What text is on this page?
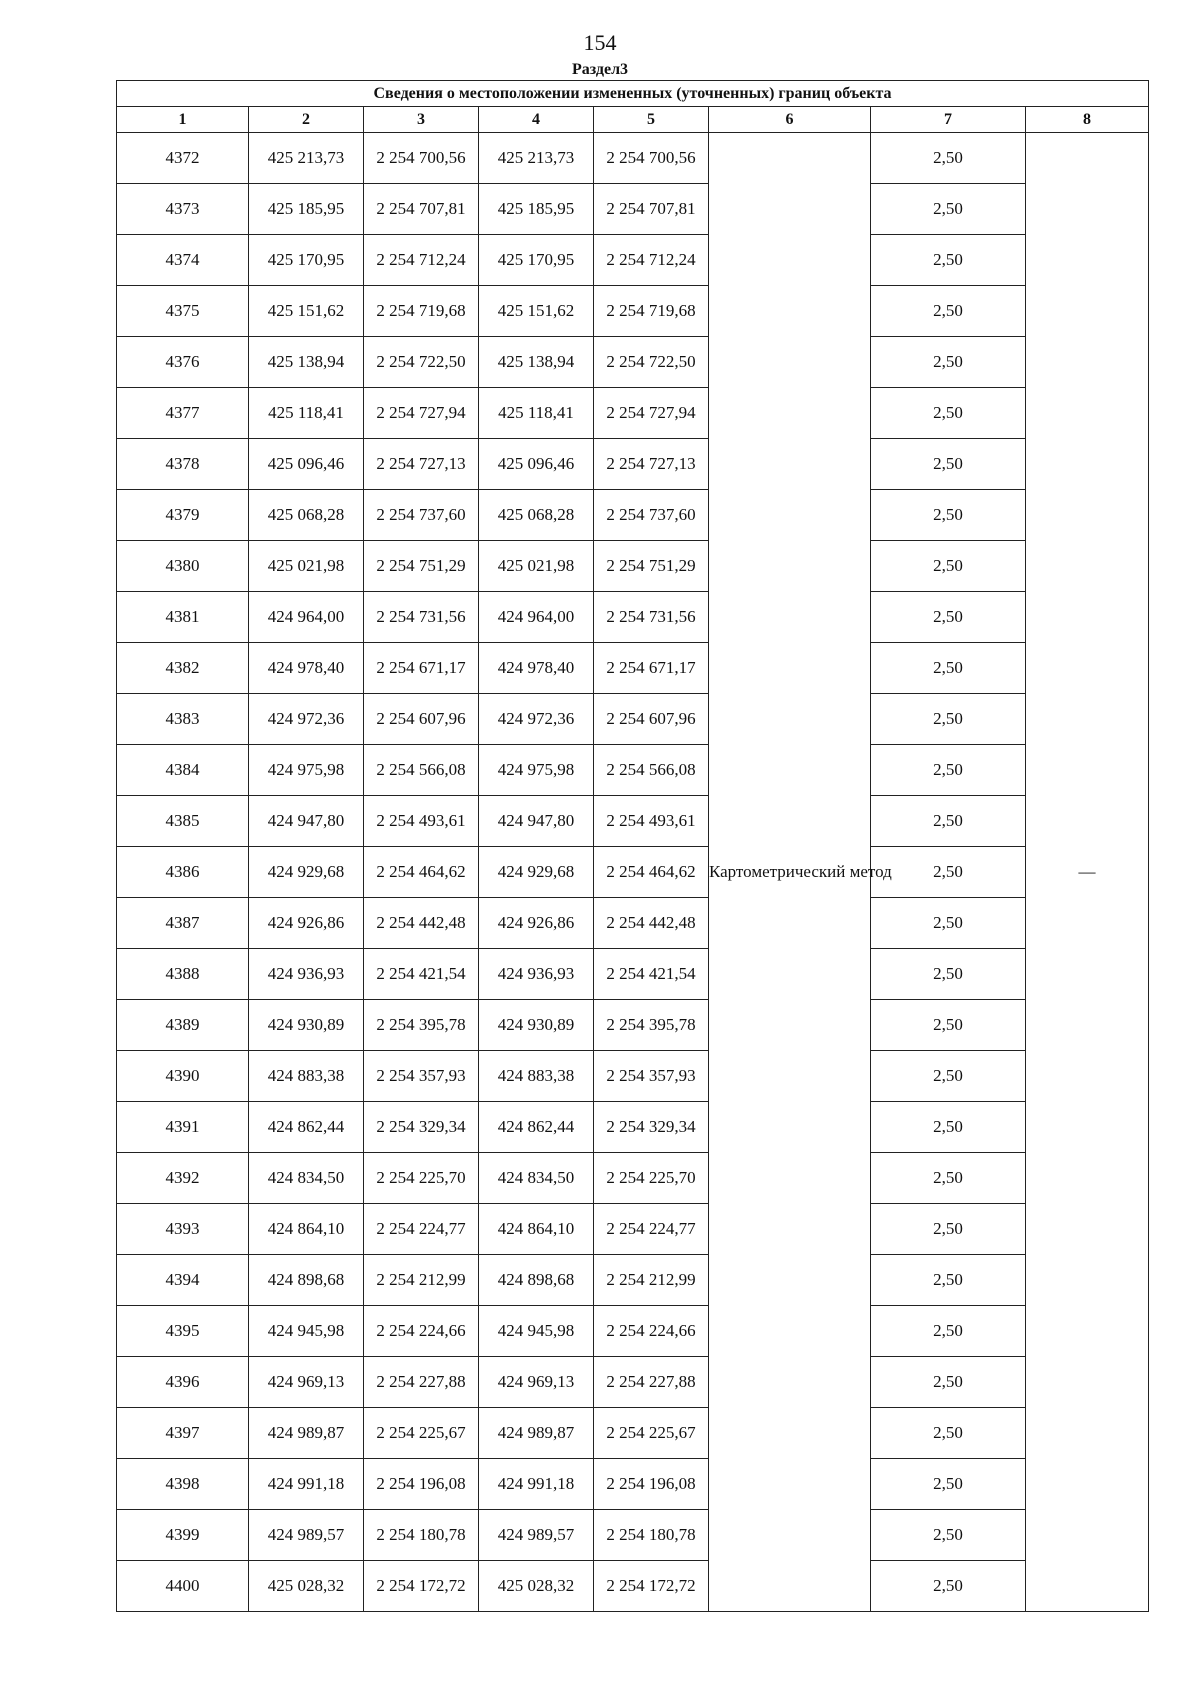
154
Раздел3
Сведения о местоположении измененных (уточненных) границ объекта							
1	2	3	4	5	6	7	8
4372	425 213,73	2 254 700,56	425 213,73	2 254 700,56	Картометрический метод	2,50	—
4373	425 185,95	2 254 707,81	425 185,95	2 254 707,81		2,50	
4374	425 170,95	2 254 712,24	425 170,95	2 254 712,24		2,50	
4375	425 151,62	2 254 719,68	425 151,62	2 254 719,68		2,50	
4376	425 138,94	2 254 722,50	425 138,94	2 254 722,50		2,50	
4377	425 118,41	2 254 727,94	425 118,41	2 254 727,94		2,50	
4378	425 096,46	2 254 727,13	425 096,46	2 254 727,13		2,50	
4379	425 068,28	2 254 737,60	425 068,28	2 254 737,60		2,50	
4380	425 021,98	2 254 751,29	425 021,98	2 254 751,29		2,50	
4381	424 964,00	2 254 731,56	424 964,00	2 254 731,56		2,50	
4382	424 978,40	2 254 671,17	424 978,40	2 254 671,17		2,50	
4383	424 972,36	2 254 607,96	424 972,36	2 254 607,96		2,50	
4384	424 975,98	2 254 566,08	424 975,98	2 254 566,08		2,50	
4385	424 947,80	2 254 493,61	424 947,80	2 254 493,61		2,50	
4386	424 929,68	2 254 464,62	424 929,68	2 254 464,62		2,50	
4387	424 926,86	2 254 442,48	424 926,86	2 254 442,48		2,50	
4388	424 936,93	2 254 421,54	424 936,93	2 254 421,54		2,50	
4389	424 930,89	2 254 395,78	424 930,89	2 254 395,78		2,50	
4390	424 883,38	2 254 357,93	424 883,38	2 254 357,93		2,50	
4391	424 862,44	2 254 329,34	424 862,44	2 254 329,34		2,50	
4392	424 834,50	2 254 225,70	424 834,50	2 254 225,70		2,50	
4393	424 864,10	2 254 224,77	424 864,10	2 254 224,77		2,50	
4394	424 898,68	2 254 212,99	424 898,68	2 254 212,99		2,50	
4395	424 945,98	2 254 224,66	424 945,98	2 254 224,66		2,50	
4396	424 969,13	2 254 227,88	424 969,13	2 254 227,88		2,50	
4397	424 989,87	2 254 225,67	424 989,87	2 254 225,67		2,50	
4398	424 991,18	2 254 196,08	424 991,18	2 254 196,08		2,50	
4399	424 989,57	2 254 180,78	424 989,57	2 254 180,78		2,50	
4400	425 028,32	2 254 172,72	425 028,32	2 254 172,72		2,50	
